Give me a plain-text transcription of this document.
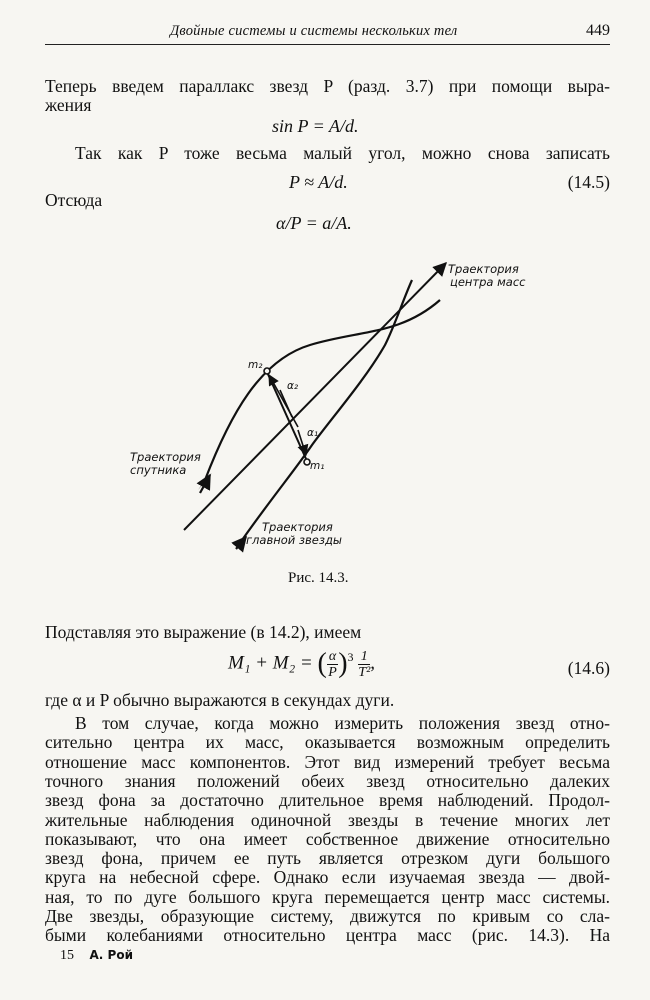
Двойные системы и системы нескольких тел	449
Теперь введем параллакс звезд P (разд. 3.7) при помощи выра-
жения
sin P = A/d.
Так как P тоже весьма малый угол, можно снова записать
P ≈ A/d.	(14.5)
Отсюда
α/P = a/A.
Траектория
центра масс
m₂
α₂
α₁
m₁
Траектория
спутника
Траектория
главной звезды
Рис. 14.3.
Подставляя это выражение (в 14.2), имеем
M₁ + M₂ = ( $\frac{\alpha}{P} )^3 \frac{1}{\text{T²}}$ ,	(14.6)
где α и P обычно выражаются в секундах дуги.
В том случае, когда можно измерить положения звезд отно-
сительно центра их масс, оказывается возможным определить
отношение масс компонентов. Этот вид измерений требует весьма
точного знания положений обеих звезд относительно далеких
звезд фона за достаточно длительное время наблюдений. Продол-
жительные наблюдения одиночной звезды в течение многих лет
показывают, что она имеет собственное движение относительно
звезд фона, причем ее путь является отрезком дуги большого
круга на небесной сфере. Однако если изучаемая звезда — двой-
ная, то по дуге большого круга перемещается центр масс системы.
Две звезды, образующие систему, движутся по кривым со сла-
быми колебаниями относительно центра масс (рис. 14.3). На
15 А. Рой
